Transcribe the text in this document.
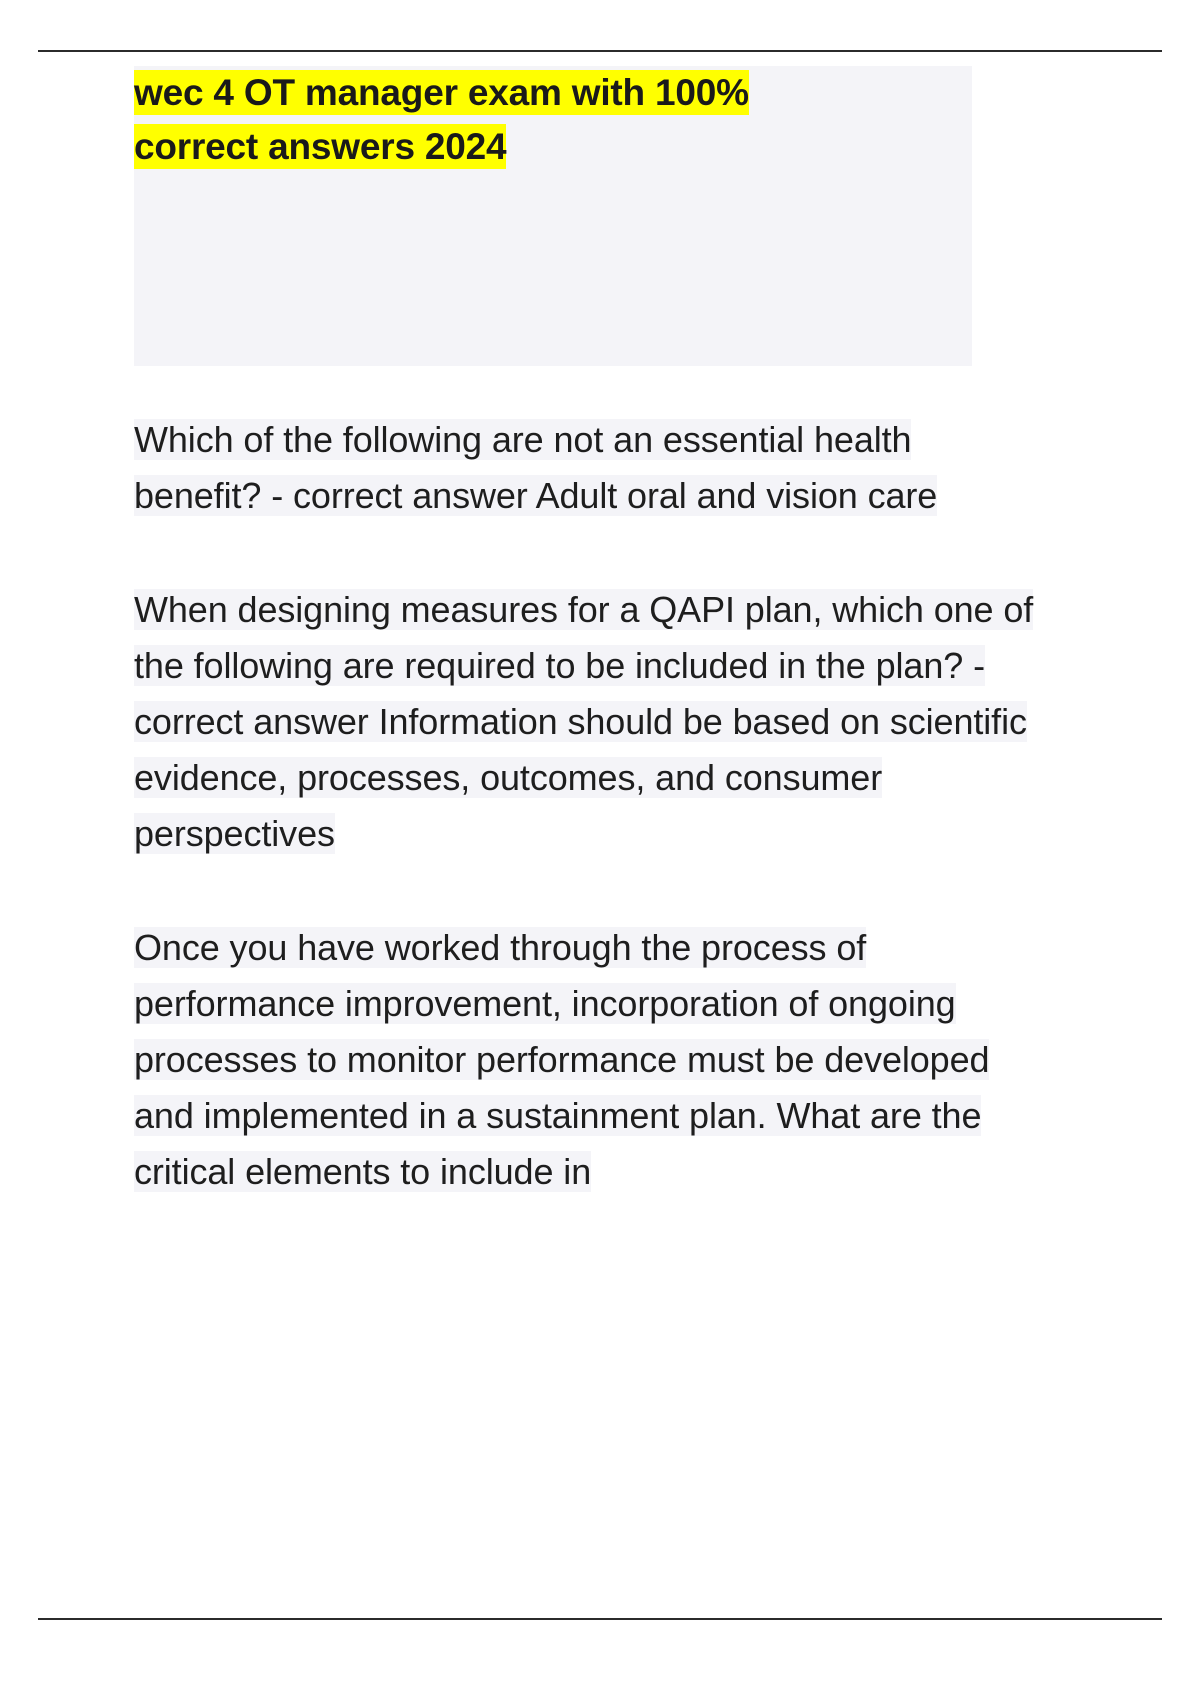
wec 4 OT manager exam with 100%
correct answers 2024

Which of the following are not an essential health benefit? - correct answer Adult oral and vision care

When designing measures for a QAPI plan, which one of the following are required to be included in the plan? - correct answer Information should be based on scientific evidence, processes, outcomes, and consumer perspectives

Once you have worked through the process of performance improvement, incorporation of ongoing processes to monitor performance must be developed and implemented in a sustainment plan. What are the critical elements to include in
